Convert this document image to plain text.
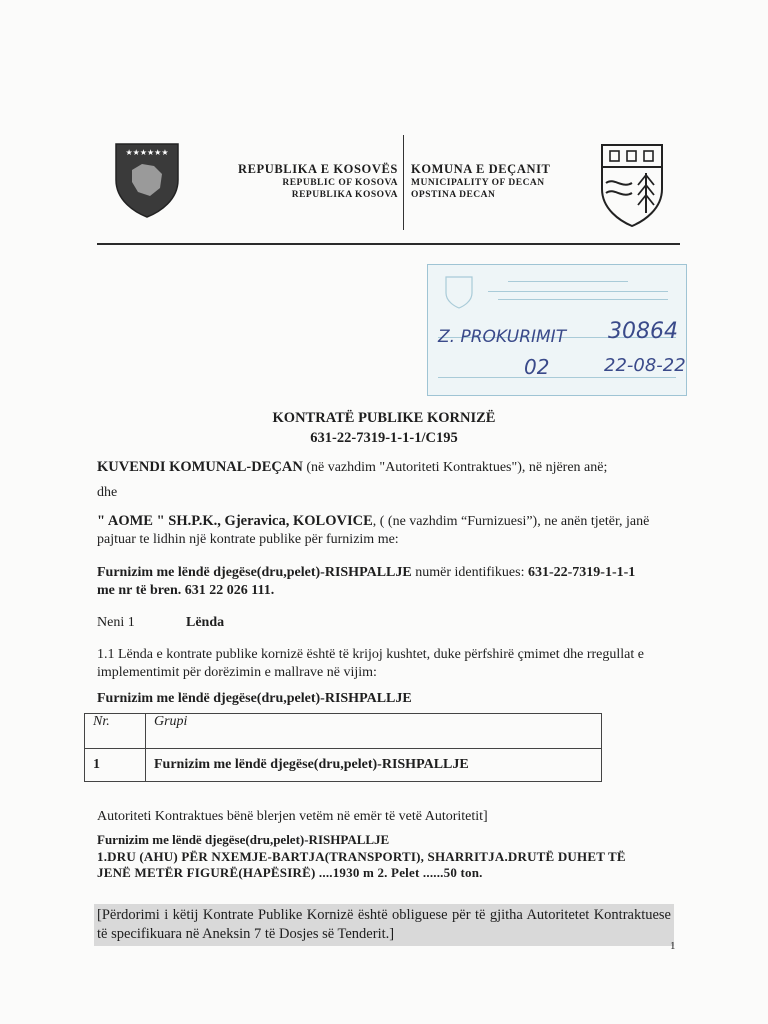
★★★★★★
REPUBLIKA E KOSOVËS
REPUBLIC OF KOSOVA
REPUBLIKA KOSOVA
KOMUNA E DEÇANIT
MUNICIPALITY OF DECAN
OPSTINA DECAN
Z. PROKURIMIT 30864
02	22-08-22
KONTRATË PUBLIKE KORNIZË
631-22-7319-1-1-1/C195

KUVENDI KOMUNAL-DEÇAN (në vazhdim "Autoriteti Kontraktues"), në njëren anë;

dhe

" AOME " SH.P.K., Gjeravica, KOLOVICE, ( (ne vazhdim “Furnizuesi”), ne anën tjetër, janë pajtuar te lidhin një kontrate publike për furnizim me:

Furnizim me lëndë djegëse(dru,pelet)-RISHPALLJE numër identifikues: 631-22-7319-1-1-1
me nr të bren. 631 22 026 111.

Neni 1	Lënda

1.1 Lënda e kontrate publike kornizë është të krijoj kushtet, duke përfshirë çmimet dhe rregullat e implementimit për dorëzimin e mallrave në vijim:

Furnizim me lëndë djegëse(dru,pelet)-RISHPALLJE

Nr.	Grupi
1	Furnizim me lëndë djegëse(dru,pelet)-RISHPALLJE

Autoriteti Kontraktues bënë blerjen vetëm në emër të vetë Autoritetit]

Furnizim me lëndë djegëse(dru,pelet)-RISHPALLJE

1.DRU (AHU) PËR NXEMJE-BARTJA(TRANSPORTI), SHARRITJA.DRUTË DUHET TË
JENË METËR FIGURË(HAPËSIRË) ....1930 m 2. Pelet ......50 ton.

[Përdorimi i këtij Kontrate Publike Kornizë është obliguese për të gjitha Autoritetet Kontraktuese të specifikuara në Aneksin 7 të Dosjes së Tenderit.]

1
